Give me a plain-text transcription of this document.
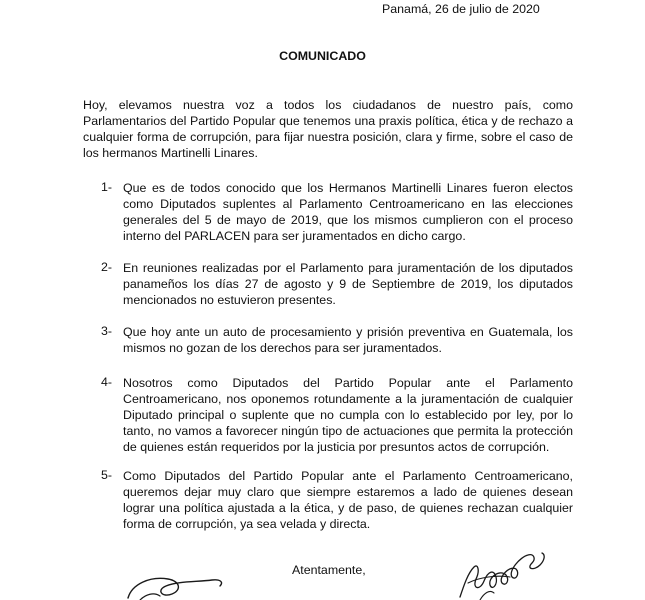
Panamá, 26 de julio de 2020
COMUNICADO

Hoy, elevamos nuestra voz a todos los ciudadanos de nuestro país, como Parlamentarios del Partido Popular que tenemos una praxis política, ética y de rechazo a cualquier forma de corrupción, para fijar nuestra posición, clara y firme, sobre el caso de los hermanos Martinelli Linares.

1- Que es de todos conocido que los Hermanos Martinelli Linares fueron electos como Diputados suplentes al Parlamento Centroamericano en las elecciones generales del 5 de mayo de 2019, que los mismos cumplieron con el proceso interno del PARLACEN para ser juramentados en dicho cargo.

2- En reuniones realizadas por el Parlamento para juramentación de los diputados panameños los días 27 de agosto y 9 de Septiembre de 2019, los diputados mencionados no estuvieron presentes.

3- Que hoy ante un auto de procesamiento y prisión preventiva en Guatemala, los mismos no gozan de los derechos para ser juramentados.

4- Nosotros como Diputados del Partido Popular ante el Parlamento Centroamericano, nos oponemos rotundamente a la juramentación de cualquier Diputado principal o suplente que no cumpla con lo establecido por ley, por lo tanto, no vamos a favorecer ningún tipo de actuaciones que permita la protección de quienes están requeridos por la justicia por presuntos actos de corrupción.

5- Como Diputados del Partido Popular ante el Parlamento Centroamericano, queremos dejar muy claro que siempre estaremos a lado de quienes desean lograr una política ajustada a la ética, y de paso, de quienes rechazan cualquier forma de corrupción, ya sea velada y directa.

Atentamente,
